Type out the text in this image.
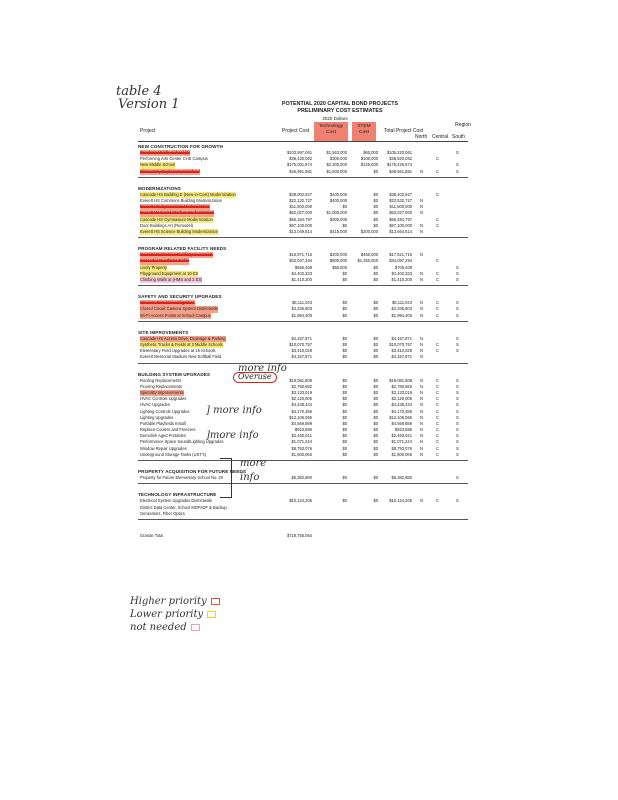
table 4
Version 1	POTENTIAL 2020 CAPITAL BOND PROJECTS
PRELIMINARY COST ESTIMATES
2020 Dollars
Project	Project Cost
Technology Cost
STEM Cost	Total Project Cost
Region
North Central South
NEW CONSTRUCTION FOR GROWTH
Gresham Middle School (3)	$103,597,061	$1,563,000	$60,000	$105,220,061	S
Performing Arts Center CHS Campus	$38,420,062	$300,000	$100,000	$38,820,062	C
New Middle School	$175,001,874	$2,300,000	$125,000	$175,426,874	S
Elementary Replacement School	$46,961,881	$1,600,000	$0	$48,561,881 N	C	S
MODERNIZATIONS
Cascade HS Building E (New-in-Cost) Modernization	$38,002,927	$400,000	$0	$38,402,927	C
Everett HS Commons Building Modernization	$22,132,727	$400,000	$0	$22,532,727 N
Everett HS Gymnasium Modernization	$11,500,000	$0	$0	$11,500,000 N
Everett Memorial Stadium Modernization	$62,027,000	$1,000,000	$0	$63,027,000 N
Cascade HS Gymnasium Modernization	$66,184,797	$300,000	$0	$66,484,797	C
Door Buildings Art (Remodel)	$67,100,000	$0	$0	$67,100,000 N	C
Everett HS Science Building Modernization	$13,049,514	$415,000	$200,000	$13,664,514 N
PROGRAM RELATED FACILITY NEEDS
Everett HS Practice Field Improvements	$16,971,716	$200,000	$450,000	$17,621,716 N
Cascade HS Athletic Fields	$32,047,294	$800,000	$1,250,000	$34,097,294	C
Lively Property	$656,408	$50,000	$0	$706,408	S
Playground Equipment at 10 ES	$4,402,333	$0	$0	$4,402,333 N	C	S
Climbing Walls at (HMS and 3 ES)	$1,410,200	$0	$0	$1,410,200 N	C	S
SAFETY AND SECURITY UPGRADES
Intrusion Detection Integration	$6,111,043	$0	$0	$6,111,043 N	C	S
Closed Circuit Camera System Districtwide	$4,335,803	$0	$0	$4,335,803 N	C	S
Wi-Fi Access Points at School Campus	$1,994,400	$0	$0	$1,994,400 N	C	S
SITE IMPROVEMENTS
Cascade HS Access Drive, Drainage & Parking	$4,157,871	$0	$0	$4,157,871 N	S
Synthetic Tracks & Fields at 3 Middle Schools	$10,070,757	$0	$0	$10,070,757 N	C	S
Elementary Field Upgrades at 19 Schools	$3,410,028	$0	$0	$3,410,028 N	C	S
Everett Memorial Stadium New Softball Field	$4,157,871	$0	$0	$4,157,871 N
BUILDING SYSTEM UPGRADES
Roofing Replacements	$19,081,808	$0	$0	$19,081,808 N	C	S
Flooring Replacements	$2,760,682	$0	$0	$2,760,682 N	C	S
Specialty Improvements	$3,133,019	$0	$0	$3,133,019 N	C	S
HVAC Controls Upgrades	$2,120,005	$0	$0	$2,120,005 N	C	S
HVAC Upgrades	$4,438,434	$0	$0	$4,438,434 N	C	S
Lighting Controls Upgrades	$4,170,486	$0	$0	$4,170,486 N	C	S
Lighting Upgrades	$12,106,066	$0	$0	$12,106,066 N	C	S
Portable Playfields Install	$4,569,889	$0	$0	$4,569,889 N	C	S
Replace Coolers and Freezers	$923,886	$0	$0	$923,886 N	C	S
Demolish Aged Portables	$2,460,041	$0	$0	$2,460,041 N	C	S
Performance Space Sound/Lighting Upgrades	$1,071,244	$0	$0	$1,071,244 N	C	S
Window Repair Upgrades	$8,793,076	$0	$0	$8,793,076 N	C	S
Underground Storage Tanks (UST's)	$1,500,066	$0	$0	$1,500,066 N	C	S
PROPERTY ACQUISITION FOR FUTURE NEEDS
Property for Future Elementary School No. 20	$6,382,880	$0	$0	$6,382,880	S
TECHNOLOGY INFRASTRUCTURE
Electrical System Upgrades Districtwide	$10,124,205	$0	$0	$10,124,205 N	C	S
District Data Center, School MDF/IDF & Backup
Generators, Fiber Optics
Grande Total	$719,756,064
more info
Overuse
] more info
]more info
more
info
Higher priority
Lower priority
not needed
